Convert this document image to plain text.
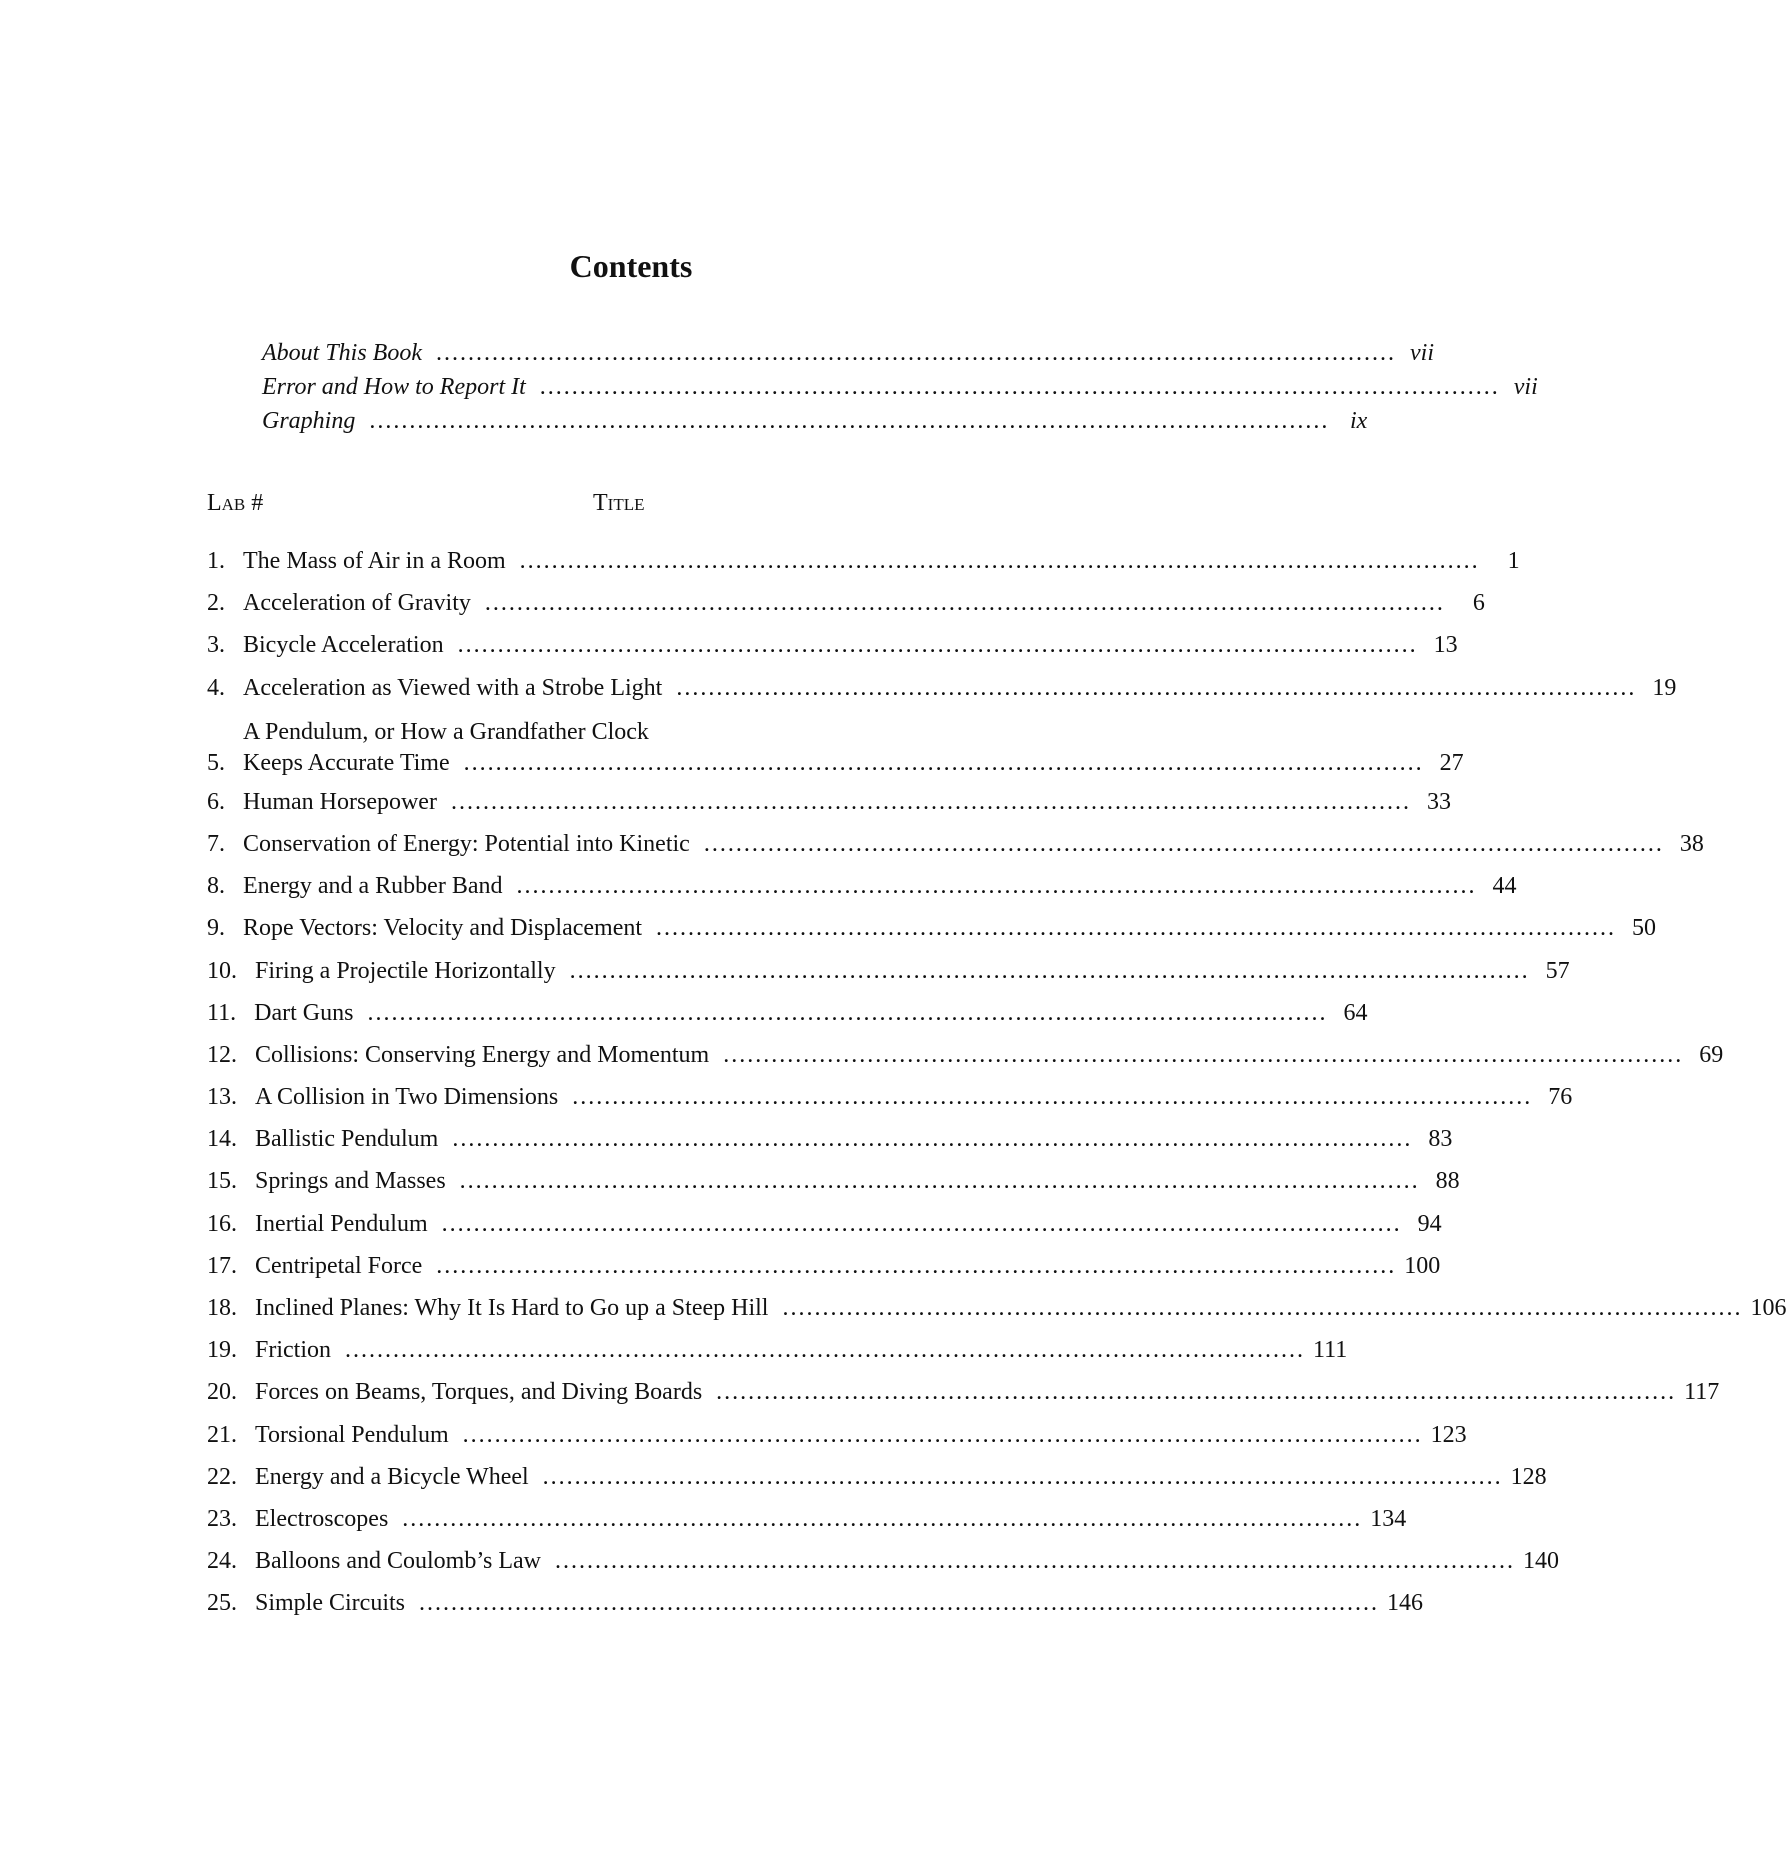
Contents
About This Book ........................................................................................................................ vii
Error and How to Report It ........................................................................................................................ vii
Graphing ........................................................................................................................ ix
Lab #	Title
1. The Mass of Air in a Room ........................................................................................................................	1
2. Acceleration of Gravity ........................................................................................................................	6
3. Bicycle Acceleration ........................................................................................................................ 13
4. Acceleration as Viewed with a Strobe Light ........................................................................................................................ 19
5.
A Pendulum, or How a Grandfather Clock
Keeps Accurate Time ........................................................................................................................ 27
6. Human Horsepower ........................................................................................................................ 33
7. Conservation of Energy: Potential into Kinetic ........................................................................................................................ 38
8. Energy and a Rubber Band ........................................................................................................................ 44
9. Rope Vectors: Velocity and Displacement ........................................................................................................................ 50
10. Firing a Projectile Horizontally ........................................................................................................................ 57
11. Dart Guns ........................................................................................................................ 64
12. Collisions: Conserving Energy and Momentum ........................................................................................................................ 69
13. A Collision in Two Dimensions ........................................................................................................................ 76
14. Ballistic Pendulum ........................................................................................................................ 83
15. Springs and Masses ........................................................................................................................ 88
16. Inertial Pendulum ........................................................................................................................ 94
17. Centripetal Force ........................................................................................................................ 100
18. Inclined Planes: Why It Is Hard to Go up a Steep Hill ........................................................................................................................ 106
19. Friction ........................................................................................................................ 111
20. Forces on Beams, Torques, and Diving Boards ........................................................................................................................ 117
21. Torsional Pendulum ........................................................................................................................ 123
22. Energy and a Bicycle Wheel ........................................................................................................................ 128
23. Electroscopes ........................................................................................................................ 134
24. Balloons and Coulomb’s Law ........................................................................................................................ 140
25. Simple Circuits ........................................................................................................................ 146
